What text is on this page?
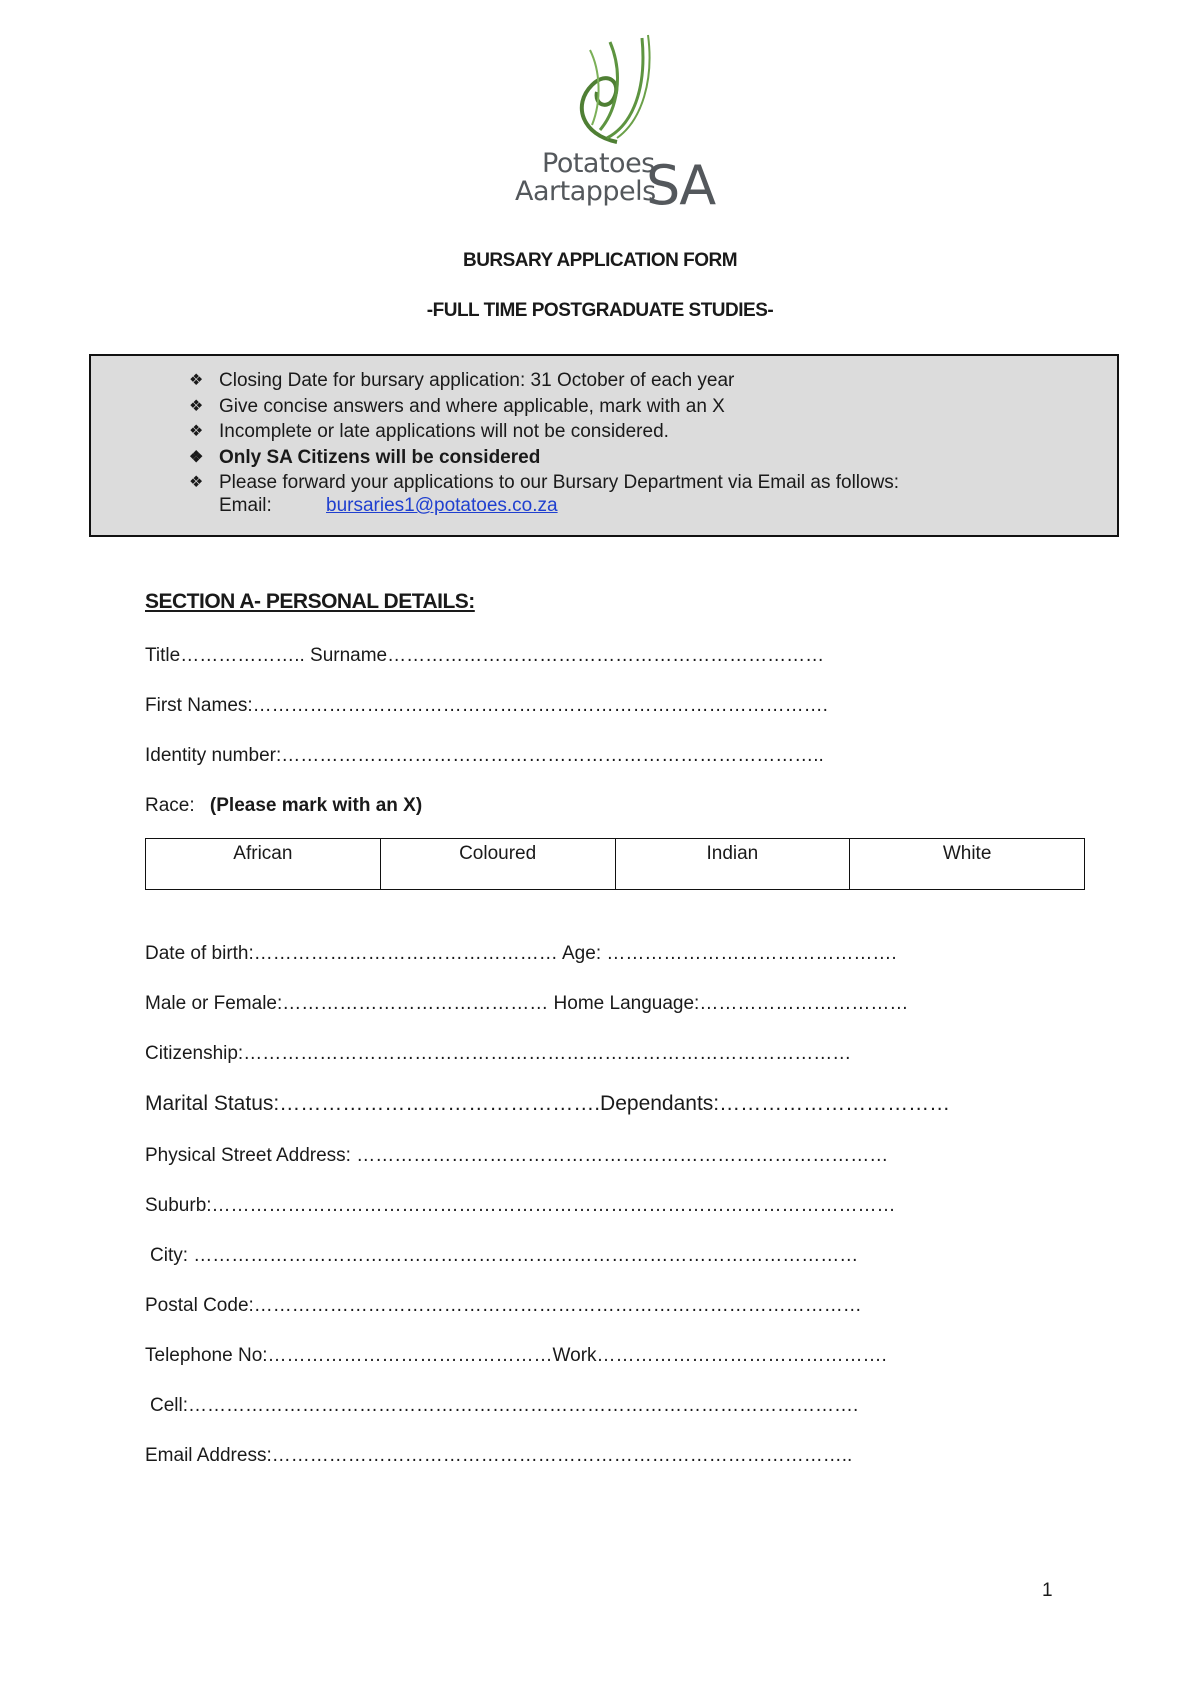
Potatoes
Aartappels
SA
BURSARY APPLICATION FORM
-FULL TIME POSTGRADUATE STUDIES-
❖ Closing Date for bursary application: 31 October of each year
❖ Give concise answers and where applicable, mark with an X
❖ Incomplete or late applications will not be considered.
❖ Only SA Citizens will be considered
❖ Please forward your applications to our Bursary Department via Email as follows:
Email:	bursaries1@potatoes.co.za
SECTION A- PERSONAL DETAILS:
Title……………….. Surname……………………………………………………………
First Names:……………………………………………………………………………….
Identity number:…………………………………………………………………………..
Race: (Please mark with an X)
African	Coloured	Indian	White
Date of birth:………………………………………… Age: ……………………………………….
Male or Female:…………………………………… Home Language:……………………………
Citizenship:……………………………………………………………………………………
Marital Status:……………………………………….Dependants:……………………………
Physical Street Address: …………………………………………………………………………
Suburb:………………………………………………………………………………………………
City: ……………………………………………………………………………………………
Postal Code:……………………………………………………………………………………
Telephone No:………………………………………Work……………………………………….
Cell:…………………………………………………………………………………………….
Email Address:………………………………………………………………………………..
1
